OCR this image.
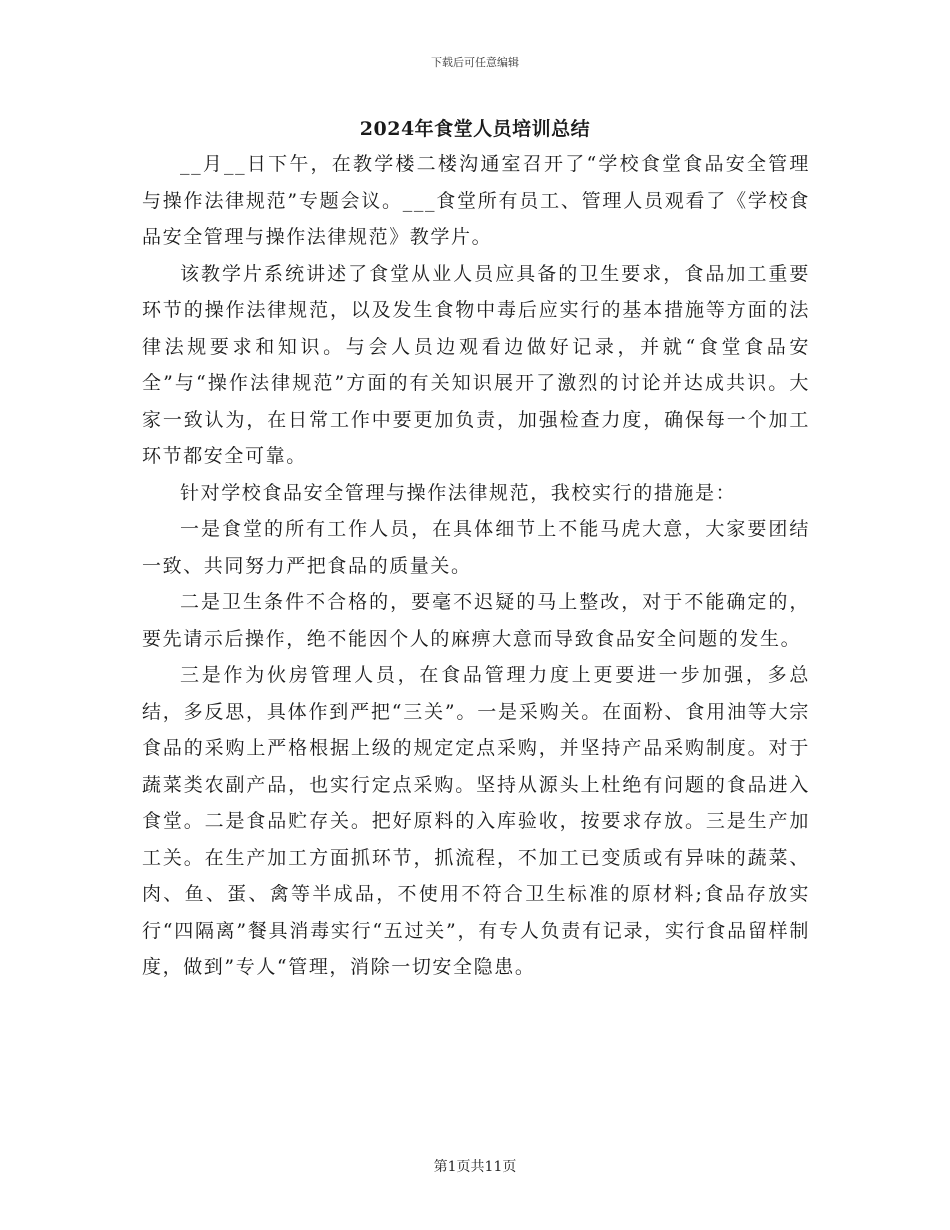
下载后可任意编辑
2024年食堂人员培训总结

__月__日下午，在教学楼二楼沟通室召开了“学校食堂食品安全管理与操作法律规范”专题会议。___食堂所有员工、管理人员观看了《学校食品安全管理与操作法律规范》教学片。

该教学片系统讲述了食堂从业人员应具备的卫生要求，食品加工重要环节的操作法律规范，以及发生食物中毒后应实行的基本措施等方面的法律法规要求和知识。与会人员边观看边做好记录，并就“食堂食品安全”与“操作法律规范”方面的有关知识展开了激烈的讨论并达成共识。大家一致认为，在日常工作中要更加负责，加强检查力度，确保每一个加工环节都安全可靠。

针对学校食品安全管理与操作法律规范，我校实行的措施是：

一是食堂的所有工作人员，在具体细节上不能马虎大意，大家要团结一致、共同努力严把食品的质量关。

二是卫生条件不合格的，要毫不迟疑的马上整改，对于不能确定的，要先请示后操作，绝不能因个人的麻痹大意而导致食品安全问题的发生。

三是作为伙房管理人员，在食品管理力度上更要进一步加强，多总结，多反思，具体作到严把“三关”。一是采购关。在面粉、食用油等大宗食品的采购上严格根据上级的规定定点采购，并坚持产品采购制度。对于蔬菜类农副产品，也实行定点采购。坚持从源头上杜绝有问题的食品进入食堂。二是食品贮存关。把好原料的入库验收，按要求存放。三是生产加工关。在生产加工方面抓环节，抓流程，不加工已变质或有异味的蔬菜、肉、鱼、蛋、禽等半成品，不使用不符合卫生标准的原材料;食品存放实行“四隔离”餐具消毒实行“五过关”，有专人负责有记录，实行食品留样制度，做到”专人“管理，消除一切安全隐患。

第1页共11页
